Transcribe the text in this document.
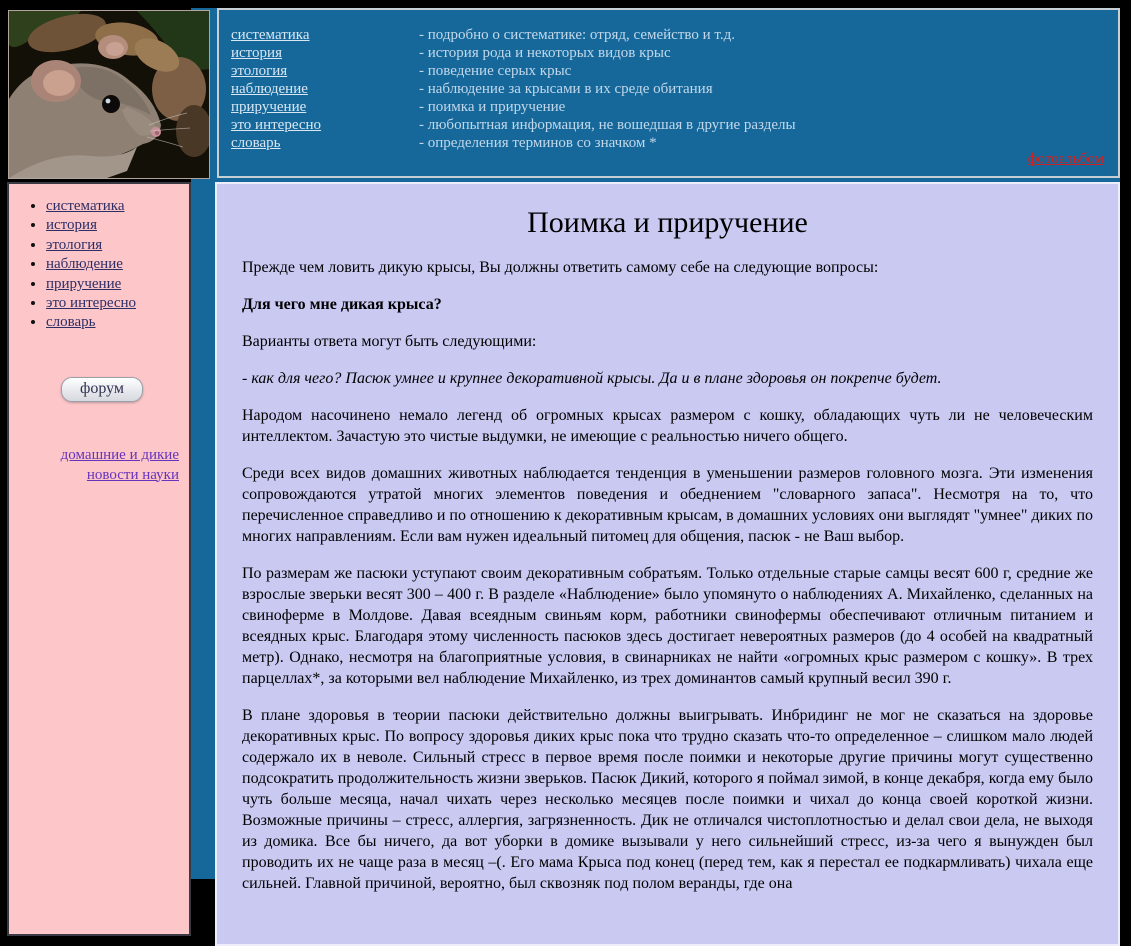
систематика	- подробно о систематике: отряд, семейство и т.д.
история	- история рода и некоторых видов крыс
этология	- поведение серых крыс
наблюдение	- наблюдение за крысами в их среде обитания
приручение	- поимка и приручение
это интересно	- любопытная информация, не вошедшая в другие разделы
словарь	- определения терминов со значком *
фотоальбом
• систематика
• история
• этология
• наблюдение
• приручение
• это интересно
• словарь
форум
домашние и дикие
новости науки
Поимка и приручение

Прежде чем ловить дикую крысы, Вы должны ответить самому себе на следующие вопросы:

Для чего мне дикая крыса?

Варианты ответа могут быть следующими:

- как для чего? Пасюк умнее и крупнее декоративной крысы. Да и в плане здоровья он покрепче будет.

Народом насочинено немало легенд об огромных крысах размером с кошку, обладающих чуть ли не человеческим интеллектом. Зачастую это чистые выдумки, не имеющие с реальностью ничего общего.

Среди всех видов домашних животных наблюдается тенденция в уменьшении размеров головного мозга. Эти изменения сопровождаются утратой многих элементов поведения и обеднением "словарного запаса". Несмотря на то, что перечисленное справедливо и по отношению к декоративным крысам, в домашних условиях они выглядят "умнее" диких по многих направлениям. Если вам нужен идеальный питомец для общения, пасюк - не Ваш выбор.

По размерам же пасюки уступают своим декоративным собратьям. Только отдельные старые самцы весят 600 г, средние же взрослые зверьки весят 300 – 400 г. В разделе «Наблюдение» было упомянуто о наблюдениях А. Михайленко, сделанных на свиноферме в Молдове. Давая всеядным свиньям корм, работники свинофермы обеспечивают отличным питанием и всеядных крыс. Благодаря этому численность пасюков здесь достигает невероятных размеров (до 4 особей на квадратный метр). Однако, несмотря на благоприятные условия, в свинарниках не найти «огромных крыс размером с кошку». В трех парцеллах*, за которыми вел наблюдение Михайленко, из трех доминантов самый крупный весил 390 г.

В плане здоровья в теории пасюки действительно должны выигрывать. Инбридинг не мог не сказаться на здоровье декоративных крыс. По вопросу здоровья диких крыс пока что трудно сказать что-то определенное – слишком мало людей содержало их в неволе. Сильный стресс в первое время после поимки и некоторые другие причины могут существенно подсократить продолжительность жизни зверьков. Пасюк Дикий, которого я поймал зимой, в конце декабря, когда ему было чуть больше месяца, начал чихать через несколько месяцев после поимки и чихал до конца своей короткой жизни. Возможные причины – стресс, аллергия, загрязненность. Дик не отличался чистоплотностью и делал свои дела, не выходя из домика. Все бы ничего, да вот уборки в домике вызывали у него сильнейший стресс, из-за чего я вынужден был проводить их не чаще раза в месяц –(. Его мама Крыса под конец (перед тем, как я перестал ее подкармливать) чихала еще сильней. Главной причиной, вероятно, был сквозняк под полом веранды, где она
